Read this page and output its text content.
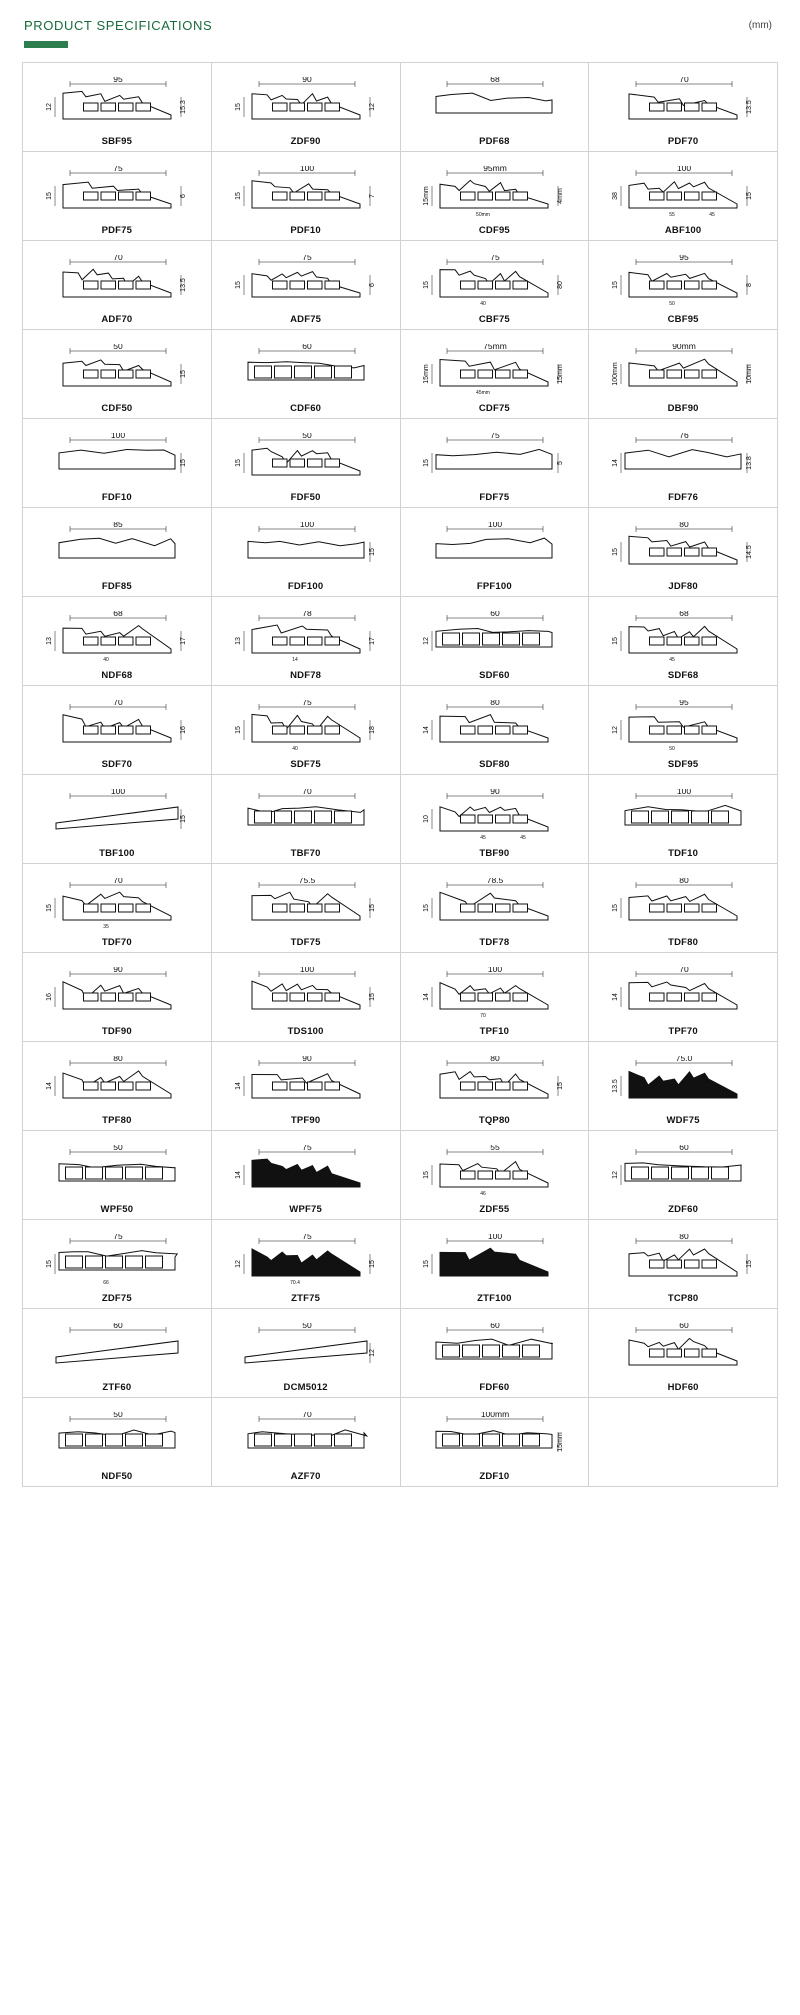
PRODUCT SPECIFICATIONS	(mm)
95
12	15.3
SBF95
90
15	12
ZDF90
68
PDF68
70
13.5
PDF70
75
15	6
PDF75
100
15	7
PDF10
95mm
15mm	4mm
50mm
CDF95
100
38	15
55	45
ABF100
70
13.5
ADF70
75
15	6
ADF75
75
15	80
40
CBF75
95
15	8
50
CBF95
50
15
CDF50
60
CDF60
75mm
15mm	15mm
45mm
CDF75
90mm
100mm	10mm
DBF90
100
15
FDF10
50
15
FDF50
75
15	5
FDF75
76
14	13.8
FDF76
85
FDF85
100
15
FDF100
100
FPF100
80
15	14.5
JDF80
68
13	17
40
NDF68
78
13	17
14
NDF78
60
12
SDF60
68
15
45
SDF68
70
16
SDF70
75
15	18
40
SDF75
80
14
SDF80
95
12
50
SDF95
100
15
TBF100
70
TBF70
90
10
45	45
TBF90
100
TDF10
70
15
35
TDF70
75.5
15
TDF75
78.5
15
TDF78
80
15
TDF80
90
16
TDF90
100
15
TDS100
100
14
70
TPF10
70
14
TPF70
80
14
TPF80
90
14
TPF90
80
15
TQP80
75.0
13.5
WDF75
50
WPF50
75
14
WPF75
55
15
46
ZDF55
60
12
ZDF60
75
15
66
ZDF75
75
12	15
70.4
ZTF75
100
15
ZTF100
80
15
TCP80
60
ZTF60
50
12
DCM5012
60
FDF60
60
HDF60
50
NDF50
70
AZF70
100mm
15mm
ZDF10
